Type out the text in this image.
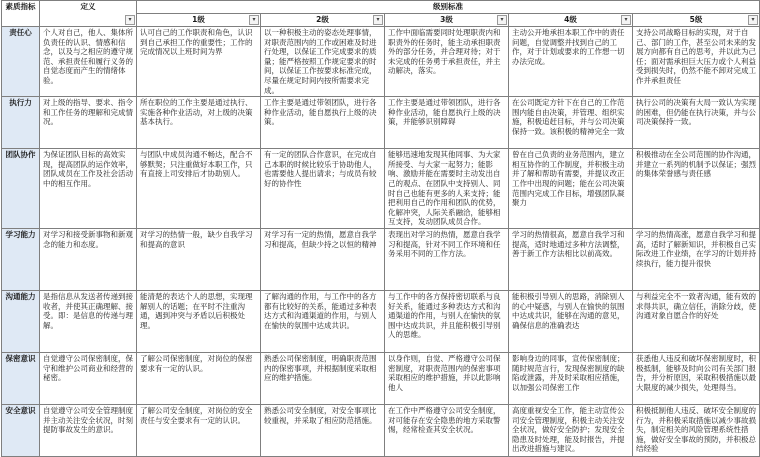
素质指标	定义
▾	级别标准				
		1级 ▾	2级 ▾	3级 ▾	4级 ▾	5级 ▾

责任心	个人对自己，他人、集体所负责任的认识、情感和信念，以及与之相应的遵守规范、承担责任和履行义务的自觉态度而产生的情绪体验。	认可自己的工作职责和角色，认识到自己承担工作的重要性；工作的完成情况以上班时间为界	以一种积极主动的姿态处理事情，对职责范围内的工作或困难及时进行处理，以保证工作完成要求的质量；能严格按照工作规定要求的时间，以保证工作按要求标准完成，尽量在规定时间内按所需要求完成。	工作中面临需要同时处理职责内和职责外的任务时，能主动承担职责外的部分任务，并合理对待；对于未完成的任务勇于承担责任，并主动解决，落实。	主动公开地承担本职工作中的责任问题，自觉调整并找到自己的工作，对于计划或要求的工作想一切办法完成。	支持公司战略目标的实现，对于自己、部门的工作，甚至公司未来的发展方向都有自己的思考，并以此为己任；面对需承担巨大压力或个人利益受到损失时，仍然不能不卸对完成工作并承担责任
执行力	对上级的指导、要求、指令和工作任务的理解和完成情况。	所在职位的工作主要是通过执行、实施各种作业活动，对上级的决策基本执行。	工作主要是通过带领团队，进行各种作业活动，能自愿执行上级的决策。	工作主要是通过带领团队，进行各种作业活动，能自愿执行上级的决策，并能够识别障碍	在公司既定方针下在自己的工作范围内能自由决策，并管理、组织实施，积极追赶目标，并与公司决策保持一致。该积极的精神完全一致	执行公司的决策有大局一致认为实现的困难，但仍能在执行决策，并与公司决策保持一致。
团队协作	为保证团队目标的高效实现，提高团队的运作效率，团队成员在工作及社会活动中的相互作用。	与团队中成员沟通不畅达，配合不够默契；只注重做好本职工作，只有直接上司安排后才协助别人。	有一定的团队合作意识，在完成自己本职的时候比较乐于协助他人，也需要他人提出请求；与成员有较好的协作性	能够迅速地发现其他同事、为大家所接受、与大家一起努力；能影响、激励并能在需要时主动发出自己的观点、在团队中支持别人、同时自己也能有更多的人来支持；能把利用自己的作用和团队的优势，化解冲突，人际关系融洽，能够相互支持，发动团队成员合作。	曾在自己负责的业务范围内，建立相互协作的工作制度，并积极主动并了解和帮助有需要，并提议改正工作中出现的问题；能在公司决策范围内完成工作目标，增强团队凝聚力	积极推动在全公司范围的协作沟通，并建立一系列的机制予以保证；强烈的集体荣誉感与责任感
学习能力	对学习和接受新事物和新观念的能力和态度。	对学习的热情一般，缺少自我学习和提高的意识	对学习有一定的热情，愿意自我学习和提高，但缺少持之以恒的精神	表现出对学习的热情，愿意自我学习和提高，针对不同工作环境和任务采用不同的工作方法。	学习的热情很高，愿意自我学习和提高，适时地通过多种方法调整，善于新工作方法相比以前高效。	学习的热情高涨，愿意自我学习和提高，适时了解新知识，并积极自己实际改进工作业绩，在学习的计划并持续执行，能力提升很快
沟通能力	是指信息从发送者传递到接收者，并使其正确理解、接受。即：是信息的传递与理解。	能清楚的表达个人的思想，实现理解别人的话题；在平时不注重沟通，遇到冲突与矛盾以后积极处理。	了解沟通的作用，与工作中的各方都有比较好的关系，能通过多种表达方式和沟通渠道的作用，与别人在愉快的氛围中达成共识。	与工作中的各方保持密切联系与良好关系，能通过多种表达方式和沟通渠道的作用，与别人在愉快的氛围中达成共识，并且能积极引导别人的思维。	能积极引导别人的思路，消除别人的心中疑惑，与别人在愉快的氛围中达成共识，能够在沟通的意见，确保信息的准确表达	与利益完全不一致者沟通，能有效的求得共识，确立信任，消除分歧，使沟通对象自愿合作的好处
保密意识	自觉遵守公司保密制度，保守和维护公司商业和经营的秘密。	了解公司保密制度，对岗位的保密要求有一定的认识。	熟悉公司保密制度，明确职责范围内的保密事项，并根据制度采取相应的维护措施。	以身作则，自觉、严格遵守公司保密制度，对职责范围内的保密事项采取相应的维护措施，并以此影响他人	影响身边的同事，宣传保密制度；随时规范言行，发现保密制度的缺陷或泄露，并及时采取相应措施，以加强公司保密工作	获悉他人违反和破坏保密制度时，积极抵制，能够及时向公司有关部门报告，并分析原因，采取积极措施以最大限度的减少损失，处理得当。
安全意识	自觉遵守公司安全管理制度并主动关注安全状况，时刻提防事故发生的意识。	了解公司安全制度，对岗位的安全责任与安全要求有一定的认识。	熟悉公司安全制度，对安全事项比较重视，并采取了相应防范措施。	在工作中严格遵守公司安全制度，对可能存在安全隐患的地方采取警惕，经常检查其安全状况。	高度重视安全工作，能主动宣传公司安全管理制度，积极主动关注安全状况，做好安全防护；发现安全隐患及时处理，能及时报告，并提出改进措施与建议。	积极抵制他人违反、破坏安全制度的行为，并积极采取措施以减少事故损失，制定相关的风险管理系统性措施，做好安全事故的预防，并积极总结经验
